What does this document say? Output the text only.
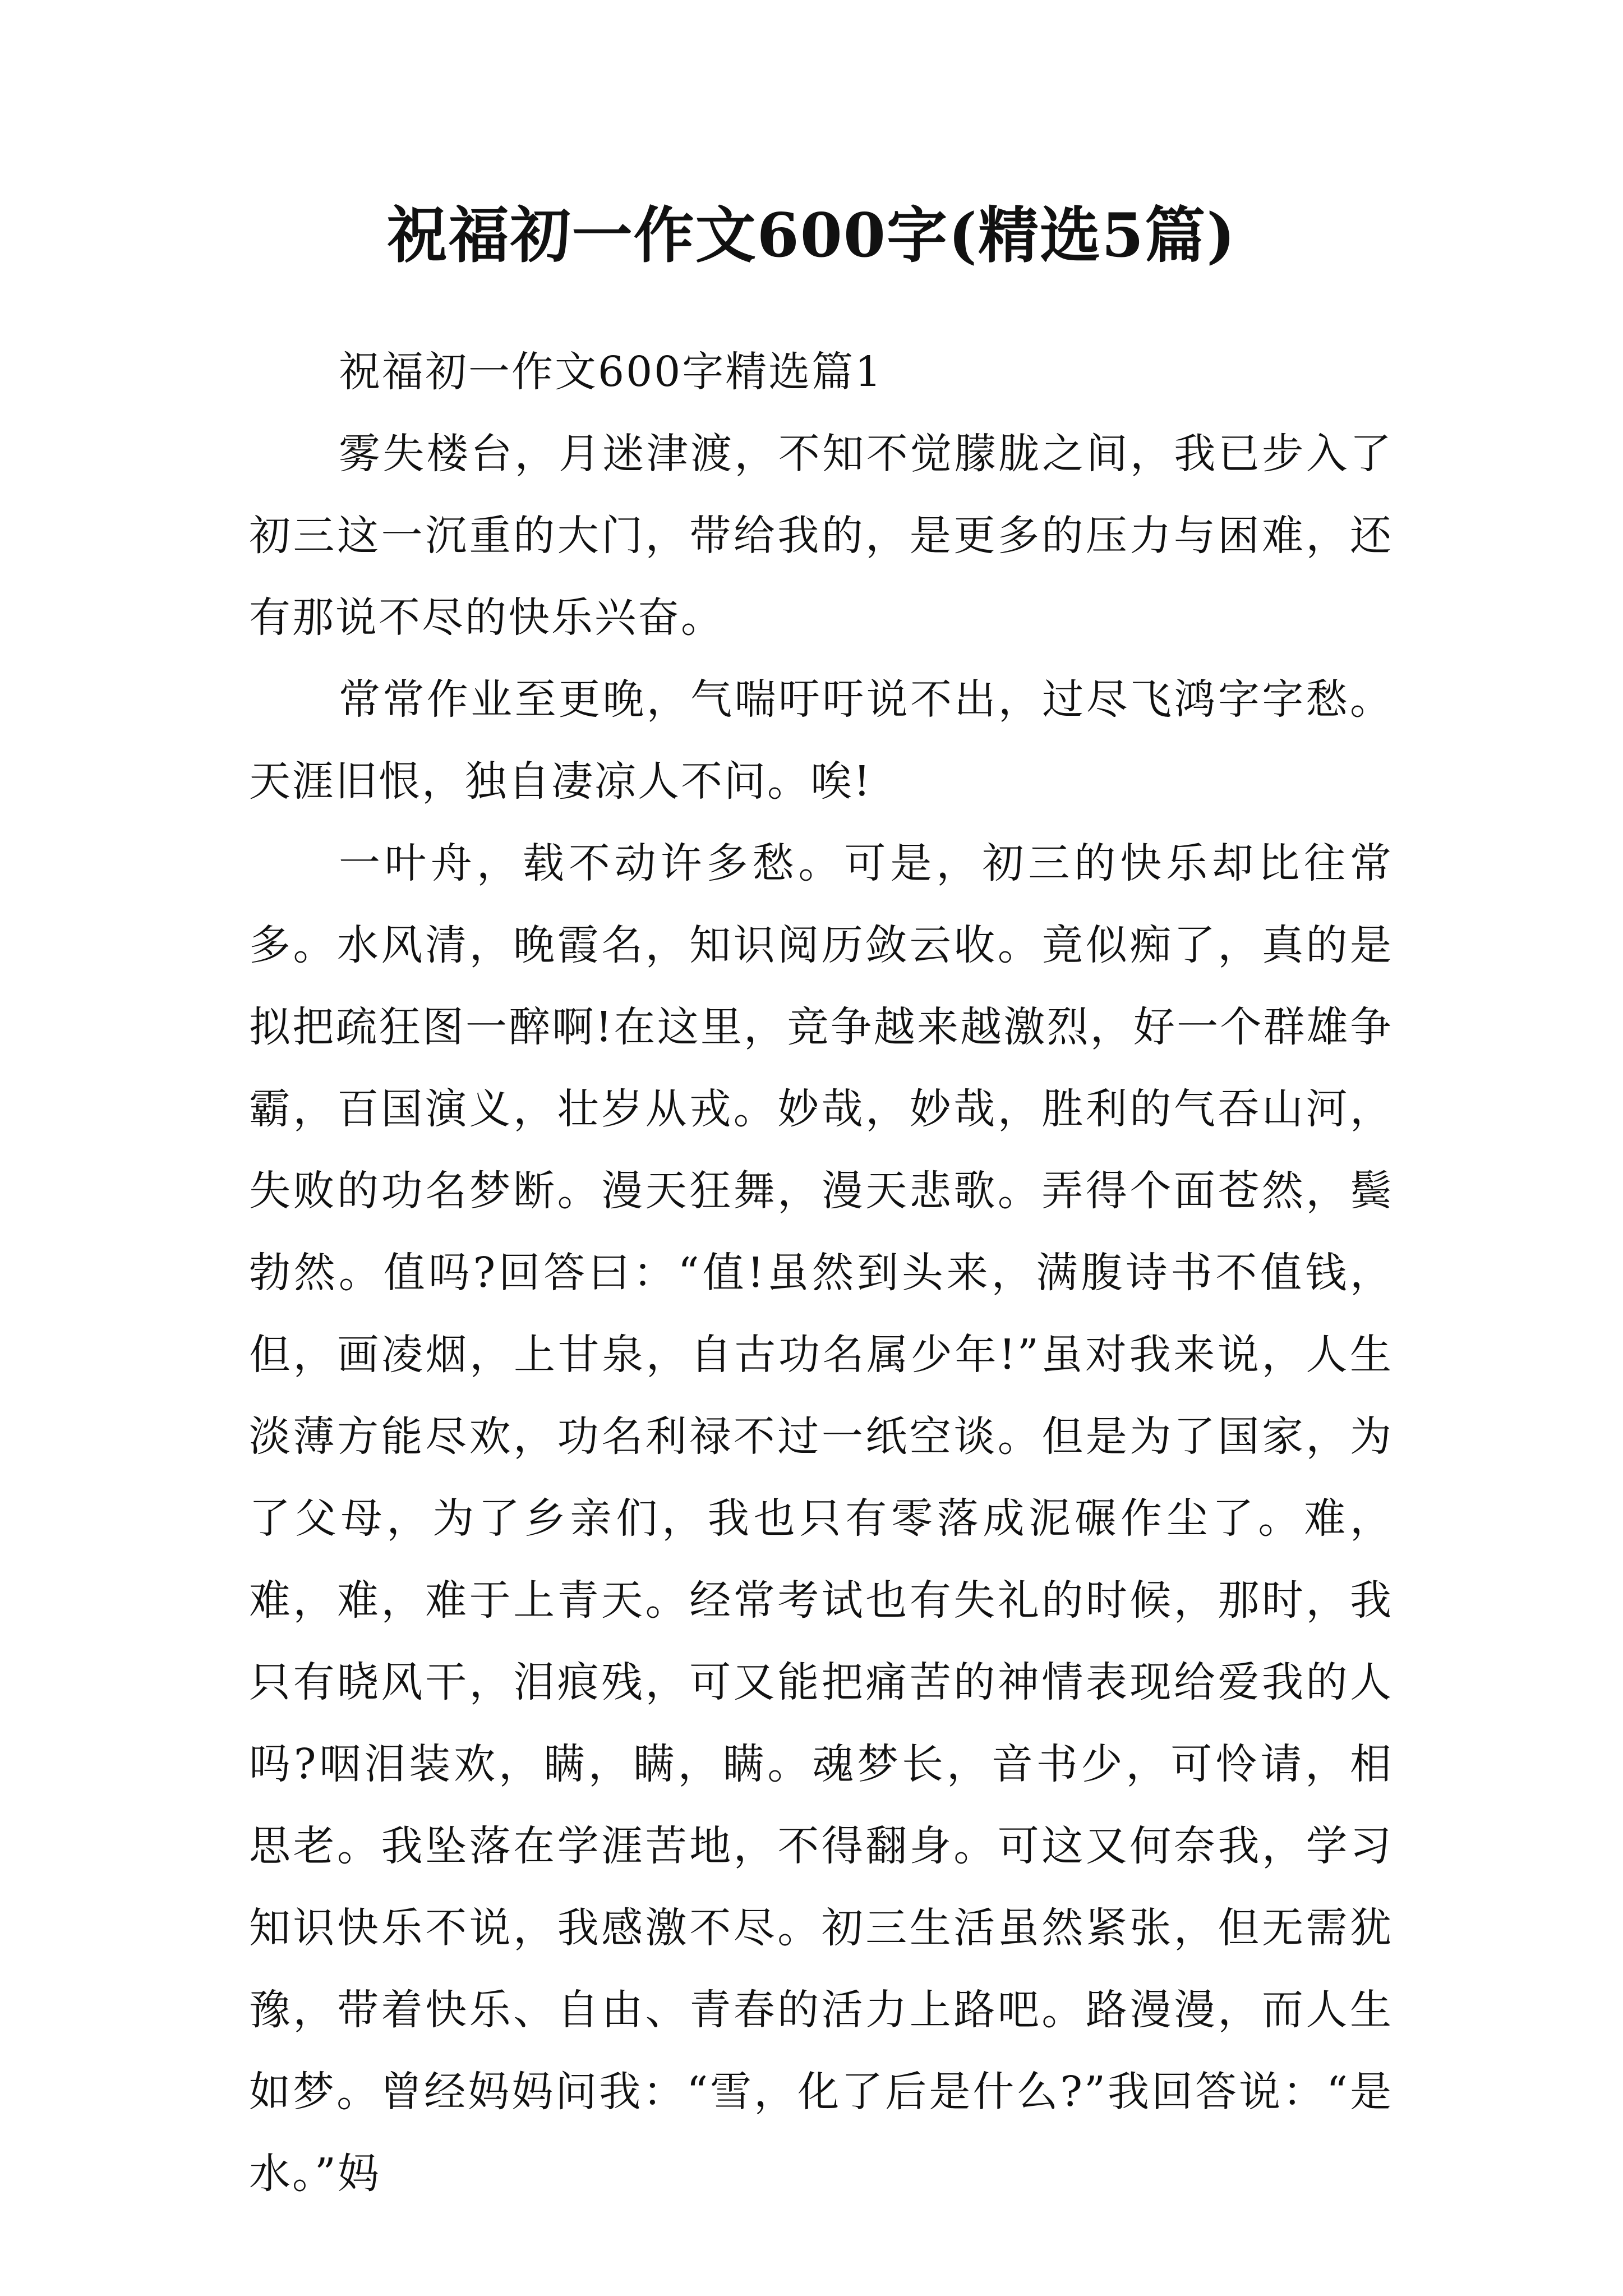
祝福初一作文600字(精选5篇)

祝福初一作文600字精选篇1

雾失楼台，月迷津渡，不知不觉朦胧之间，我已步入了初三这一沉重的大门，带给我的，是更多的压力与困难，还有那说不尽的快乐兴奋。

常常作业至更晚，气喘吁吁说不出，过尽飞鸿字字愁。天涯旧恨，独自凄凉人不问。唉!

一叶舟，载不动许多愁。可是，初三的快乐却比往常多。水风清，晚霞名，知识阅历敛云收。竟似痴了，真的是拟把疏狂图一醉啊!在这里，竞争越来越激烈，好一个群雄争霸，百国演义，壮岁从戎。妙哉，妙哉，胜利的气吞山河，失败的功名梦断。漫天狂舞，漫天悲歌。弄得个面苍然，鬓勃然。值吗?回答曰：“值!虽然到头来，满腹诗书不值钱，但，画凌烟，上甘泉，自古功名属少年!”虽对我来说，人生淡薄方能尽欢，功名利禄不过一纸空谈。但是为了国家，为了父母，为了乡亲们，我也只有零落成泥碾作尘了。难，难，难，难于上青天。经常考试也有失礼的时候，那时，我只有晓风干，泪痕残，可又能把痛苦的神情表现给爱我的人吗?咽泪装欢，瞒，瞒，瞒。魂梦长，音书少，可怜请，相思老。我坠落在学涯苦地，不得翻身。可这又何奈我，学习知识快乐不说，我感激不尽。初三生活虽然紧张，但无需犹豫，带着快乐、自由、青春的活力上路吧。路漫漫，而人生如梦。曾经妈妈问我：“雪，化了后是什么?”我回答说：“是水。”妈
